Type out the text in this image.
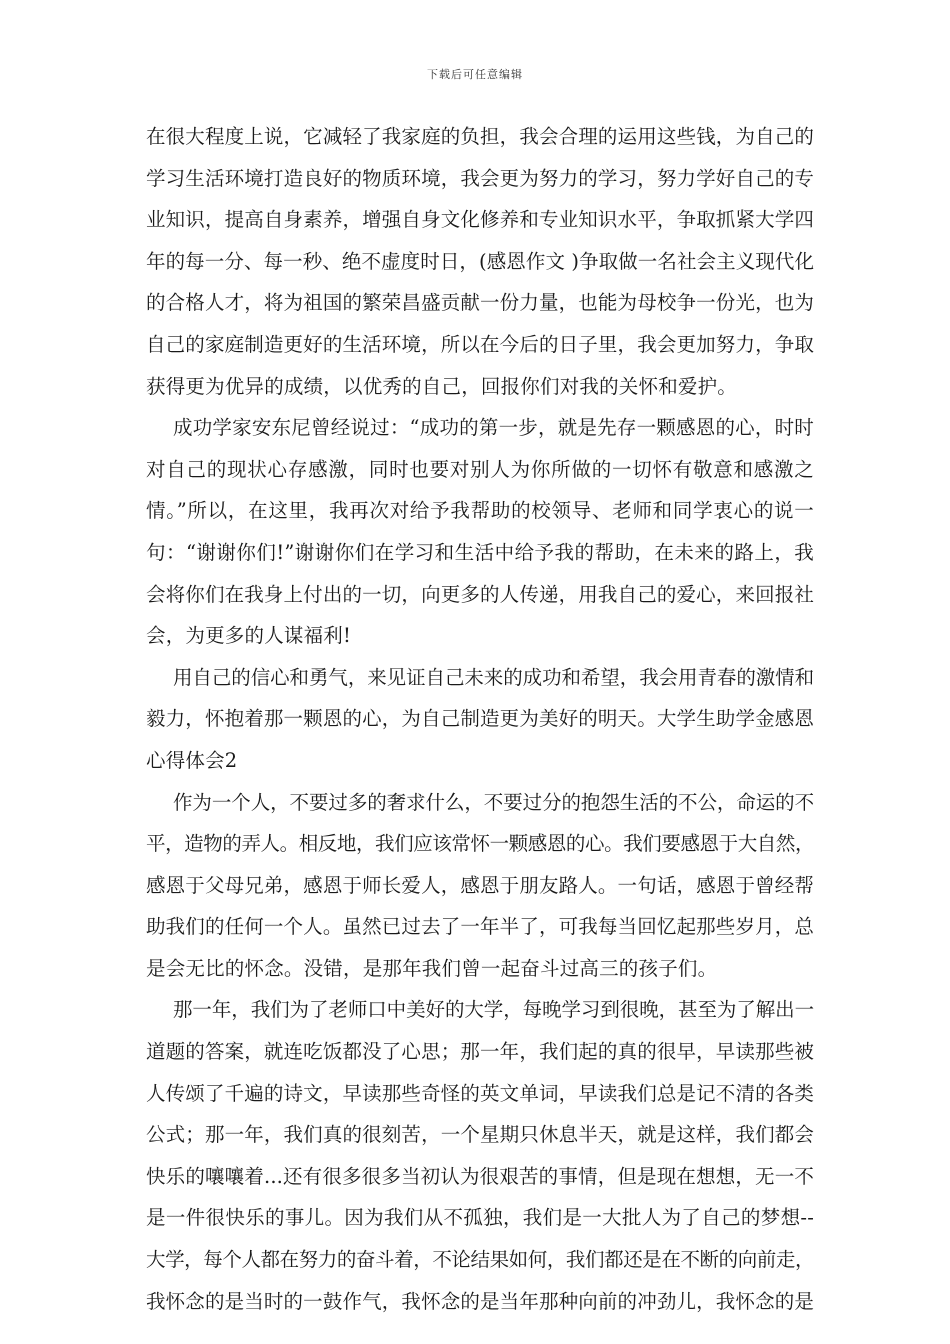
下载后可任意编辑
在很大程度上说，它减轻了我家庭的负担，我会合理的运用这些钱，为自己的
学习生活环境打造良好的物质环境，我会更为努力的学习，努力学好自己的专
业知识，提高自身素养，增强自身文化修养和专业知识水平，争取抓紧大学四
年的每一分、每一秒、绝不虚度时日，(感恩作文 )争取做一名社会主义现代化
的合格人才，将为祖国的繁荣昌盛贡献一份力量，也能为母校争一份光，也为
自己的家庭制造更好的生活环境，所以在今后的日子里，我会更加努力，争取
获得更为优异的成绩，以优秀的自己，回报你们对我的关怀和爱护。
成功学家安东尼曾经说过：“成功的第一步，就是先存一颗感恩的心，时时
对自己的现状心存感激，同时也要对别人为你所做的一切怀有敬意和感激之
情。”所以，在这里，我再次对给予我帮助的校领导、老师和同学衷心的说一
句：“谢谢你们!”谢谢你们在学习和生活中给予我的帮助，在未来的路上，我
会将你们在我身上付出的一切，向更多的人传递，用我自己的爱心，来回报社
会，为更多的人谋福利!
用自己的信心和勇气，来见证自己未来的成功和希望，我会用青春的激情和
毅力，怀抱着那一颗恩的心，为自己制造更为美好的明天。大学生助学金感恩
心得体会2
作为一个人，不要过多的奢求什么，不要过分的抱怨生活的不公，命运的不
平，造物的弄人。相反地，我们应该常怀一颗感恩的心。我们要感恩于大自然，
感恩于父母兄弟，感恩于师长爱人，感恩于朋友路人。一句话，感恩于曾经帮
助我们的任何一个人。虽然已过去了一年半了，可我每当回忆起那些岁月，总
是会无比的怀念。没错，是那年我们曾一起奋斗过高三的孩子们。
那一年，我们为了老师口中美好的大学，每晚学习到很晚，甚至为了解出一
道题的答案，就连吃饭都没了心思；那一年，我们起的真的很早，早读那些被
人传颂了千遍的诗文，早读那些奇怪的英文单词，早读我们总是记不清的各类
公式；那一年，我们真的很刻苦，一个星期只休息半天，就是这样，我们都会
快乐的嚷嚷着...还有很多很多当初认为很艰苦的事情，但是现在想想，无一不
是一件很快乐的事儿。因为我们从不孤独，我们是一大批人为了自己的梦想--
大学，每个人都在努力的奋斗着，不论结果如何，我们都还是在不断的向前走，
我怀念的是当时的一鼓作气，我怀念的是当年那种向前的冲劲儿，我怀念的是
